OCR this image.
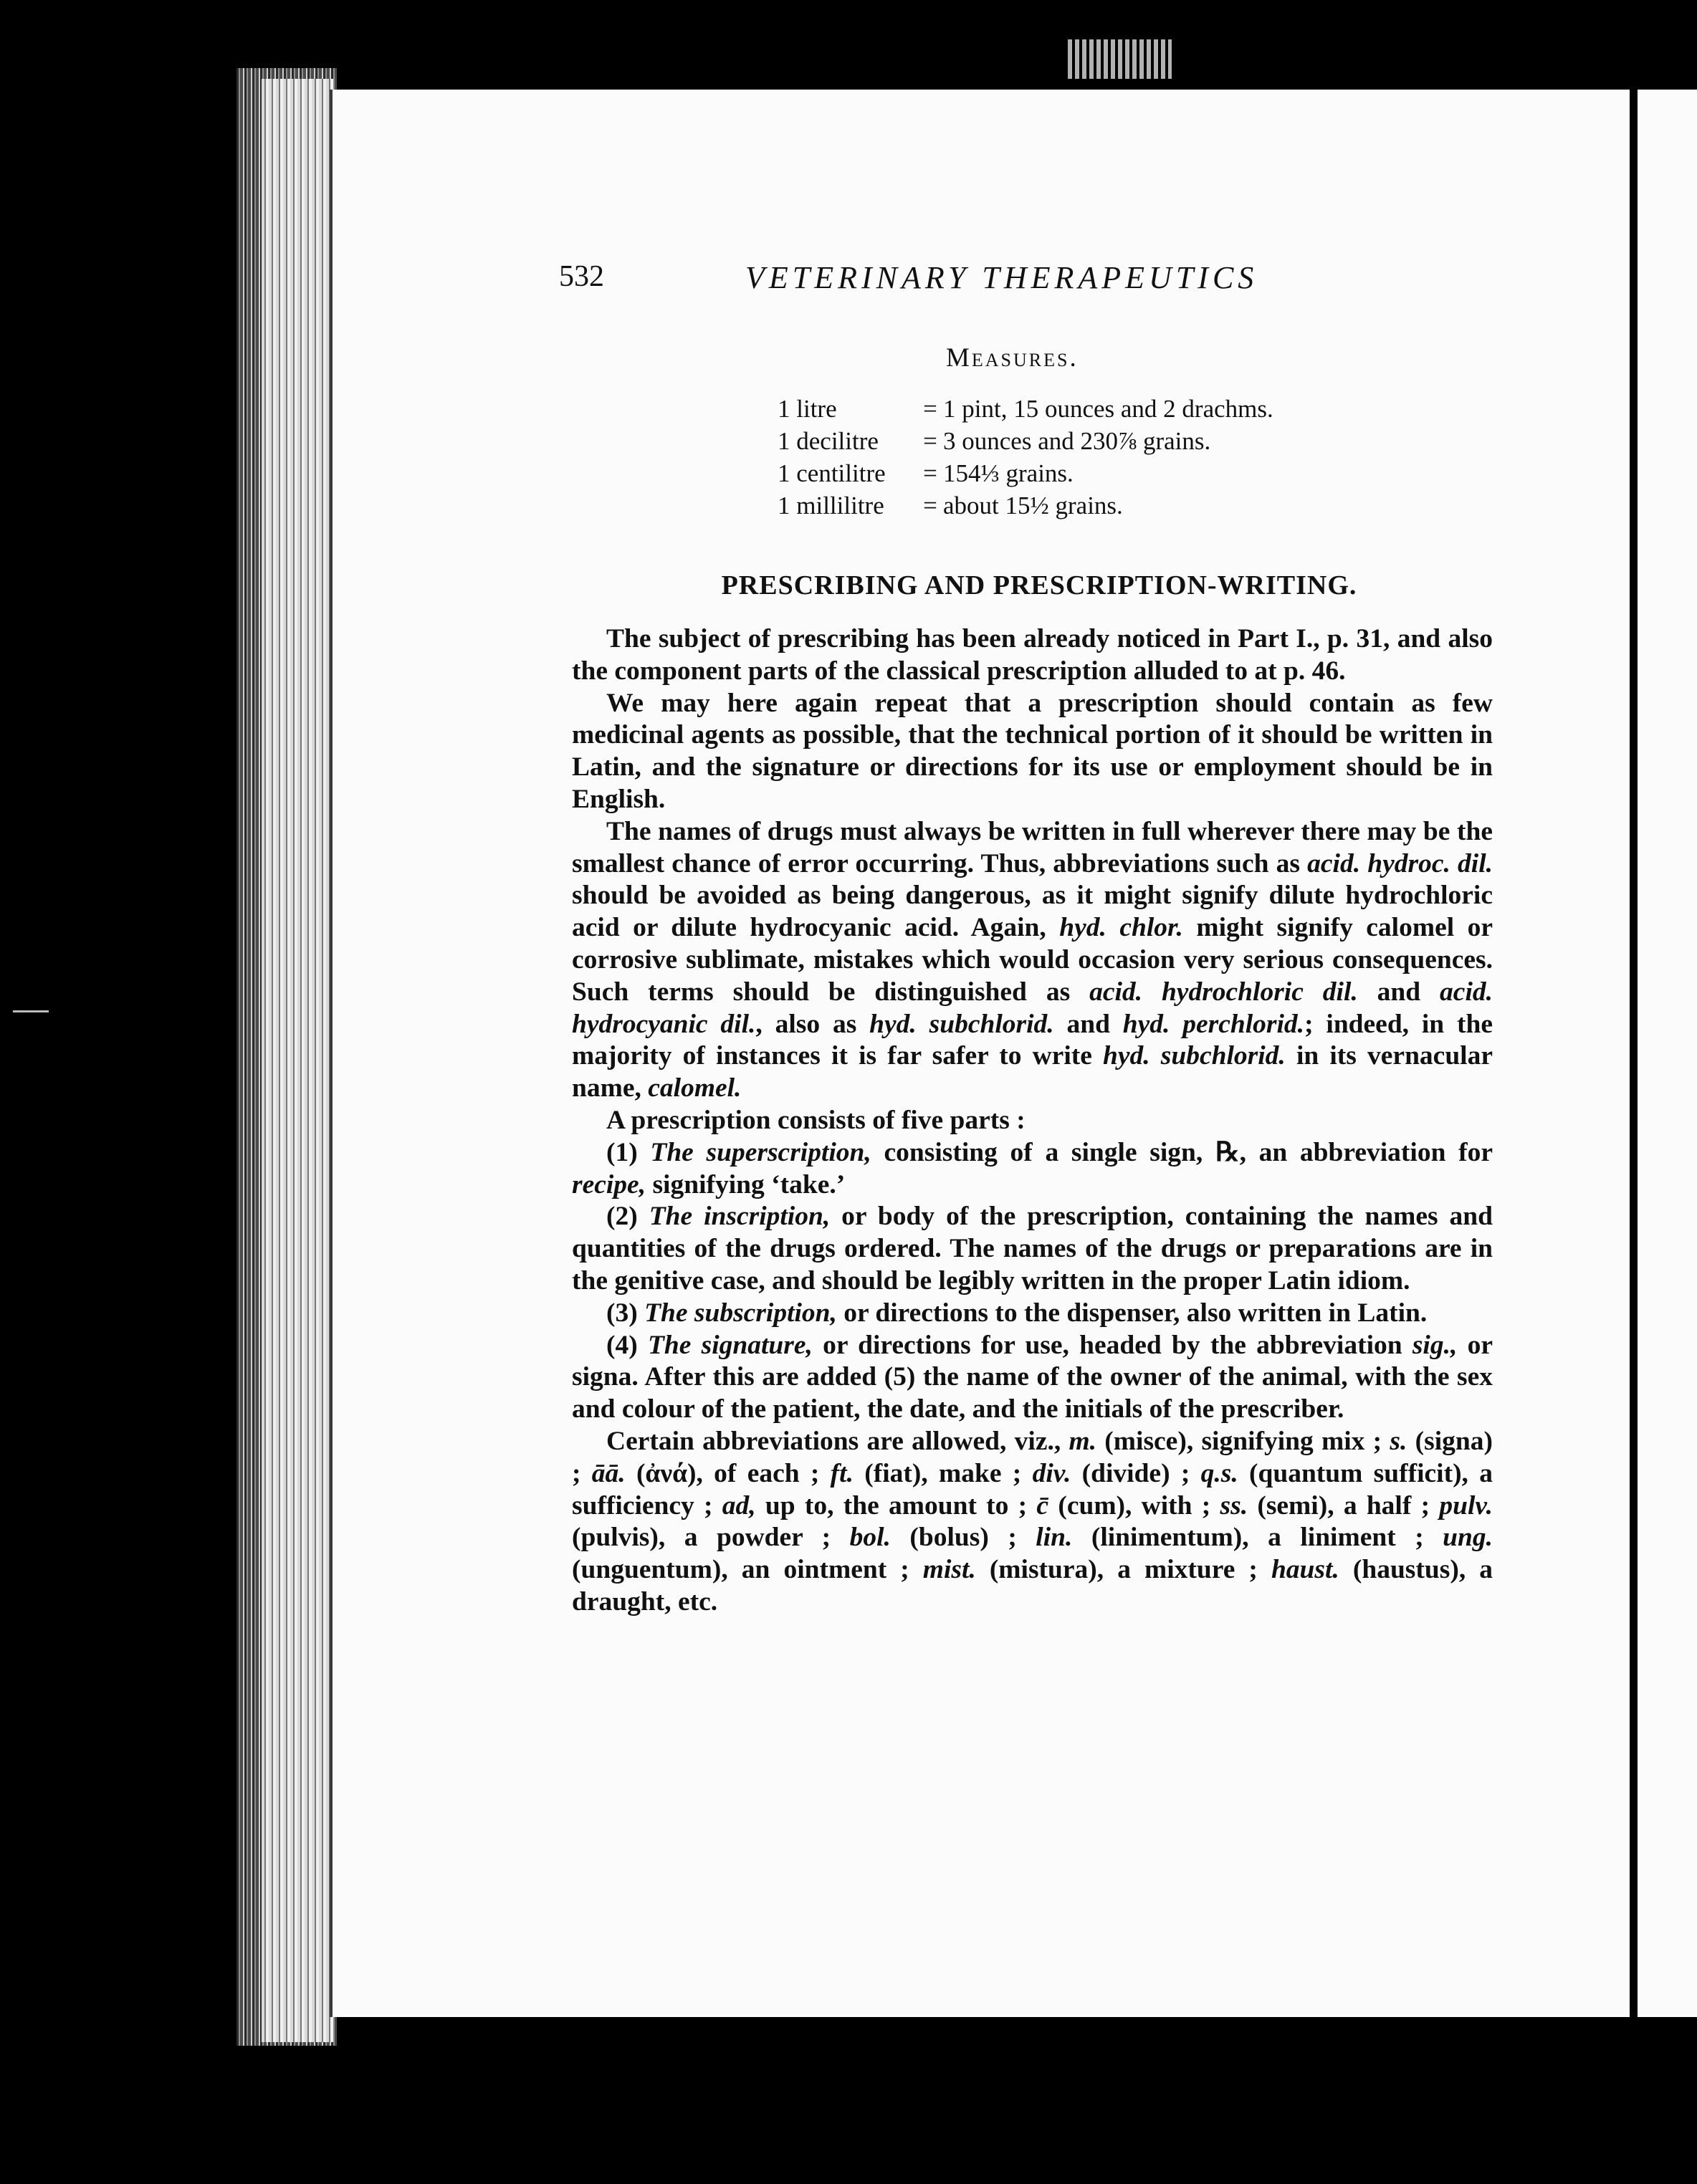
532	VETERINARY THERAPEUTICS
Measures.
1 litre	=	1 pint, 15 ounces and 2 drachms.
1 decilitre	=	3 ounces and 230⅞ grains.
1 centilitre	=	154⅓ grains.
1 millilitre	=	about 15½ grains.
PRESCRIBING AND PRESCRIPTION-WRITING.

The subject of prescribing has been already noticed in Part I., p. 31, and also the component parts of the classical prescription alluded to at p. 46.

We may here again repeat that a prescription should contain as few medicinal agents as possible, that the technical portion of it should be written in Latin, and the signature or directions for its use or employment should be in English.

The names of drugs must always be written in full wherever there may be the smallest chance of error occurring. Thus, abbreviations such as acid. hydroc. dil. should be avoided as being dangerous, as it might signify dilute hydrochloric acid or dilute hydrocyanic acid. Again, hyd. chlor. might signify calomel or corrosive sublimate, mistakes which would occasion very serious consequences. Such terms should be distinguished as acid. hydrochloric dil. and acid. hydrocyanic dil., also as hyd. subchlorid. and hyd. perchlorid.; indeed, in the majority of instances it is far safer to write hyd. subchlorid. in its vernacular name, calomel.

A prescription consists of five parts :

(1) The superscription, consisting of a single sign, ℞, an abbreviation for recipe, signifying ‘take.’

(2) The inscription, or body of the prescription, containing the names and quantities of the drugs ordered. The names of the drugs or preparations are in the genitive case, and should be legibly written in the proper Latin idiom.

(3) The subscription, or directions to the dispenser, also written in Latin.

(4) The signature, or directions for use, headed by the abbreviation sig., or signa. After this are added (5) the name of the owner of the animal, with the sex and colour of the patient, the date, and the initials of the prescriber.

Certain abbreviations are allowed, viz., m. (misce), signifying mix ; s. (signa) ; āā. (ἀνά), of each ; ft. (fiat), make ; div. (divide) ; q.s. (quantum sufficit), a sufficiency ; ad, up to, the amount to ; c̄ (cum), with ; ss. (semi), a half ; pulv. (pulvis), a powder ; bol. (bolus) ; lin. (linimentum), a liniment ; ung. (unguentum), an ointment ; mist. (mistura), a mixture ; haust. (haustus), a draught, etc.
